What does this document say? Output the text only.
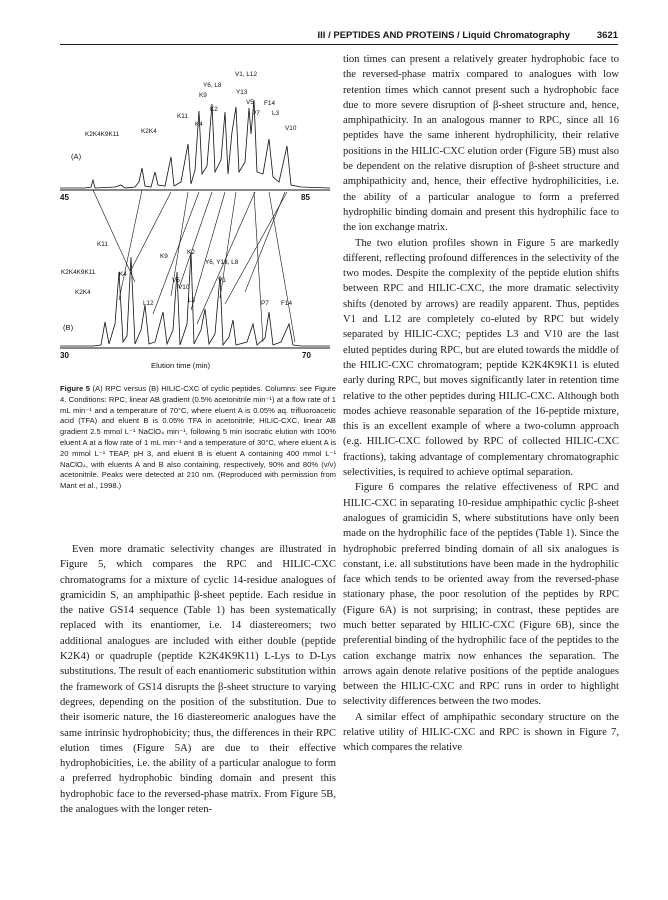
III / PEPTIDES AND PROTEINS / Liquid Chromatography	3621
(A)
45	85
V1, L12
Y6, L8
Y13
K9
V5 F14
K2
K11	P7 L3
K4
V10
K2K4
K2K4K9K11
(B)
30	70
Elution time (min)
K11
K9
K2
Y6, Y13, L8
K2K4K9K11	K4
V5
V10
V1
K2K4
L3
L12	P7 F14
Figure 5 (A) RPC versus (B) HILIC-CXC of cyclic peptides. Columns: see Figure 4. Conditions: RPC, linear AB gradient (0.5% acetonitrile min⁻¹) at a flow rate of 1 mL min⁻¹ and a temperature of 70°C, where eluent A is 0.05% aq. trifluoroacetic acid (TFA) and eluent B is 0.05% TFA in acetonitrile; HILIC-CXC, linear AB gradient 2.5 mmol L⁻¹ NaClO₄ min⁻¹, following 5 min isocratic elution with 100% eluent A at a flow rate of 1 mL min⁻¹ and a temperature of 30°C, where eluent A is 20 mmol L⁻¹ TEAP, pH 3, and eluent B is eluent A containing 400 mmol L⁻¹ NaClO₄, with eluents A and B also containing, respectively, 90% and 80% (v/v) acetonitrile. Peaks were detected at 210 nm. (Reproduced with permission from Mant et al., 1998.)

Even more dramatic selectivity changes are illustrated in Figure 5, which compares the RPC and HILIC-CXC chromatograms for a mixture of cyclic 14-residue analogues of gramicidin S, an amphipathic β-sheet peptide. Each residue in the native GS14 sequence (Table 1) has been systematically replaced with its enantiomer, i.e. 14 diastereomers; two additional analogues are included with either double (peptide K2K4) or quadruple (peptide K2K4K9K11) L-Lys to D-Lys substitutions. The result of each enantiomeric substitution within the framework of GS14 disrupts the β-sheet structure to varying degrees, depending on the position of the substitution. Due to their isomeric nature, the 16 diastereomeric analogues have the same intrinsic hydrophobicity; thus, the differences in their RPC elution times (Figure 5A) are due to their effective hydrophobicities, i.e. the ability of a particular analogue to form a preferred hydrophobic binding domain and present this hydrophobic face to the reversed-phase matrix. From Figure 5B, the analogues with the longer reten-

tion times can present a relatively greater hydrophobic face to the reversed-phase matrix compared to analogues with low retention times which cannot present such a hydrophobic face due to more severe disruption of β-sheet structure and, hence, amphipathicity. In an analogous manner to RPC, since all 16 peptides have the same inherent hydrophilicity, their relative positions in the HILIC-CXC elution order (Figure 5B) must also be dependent on the relative disruption of β-sheet structure and amphipathicity and, hence, their effective hydrophilicities, i.e. the ability of a particular analogue to form a preferred hydrophilic binding domain and present this hydrophilic face to the ion exchange matrix.

The two elution profiles shown in Figure 5 are markedly different, reflecting profound differences in the selectivity of the two modes. Despite the complexity of the peptide elution shifts between RPC and HILIC-CXC, the more dramatic selectivity shifts (denoted by arrows) are readily apparent. Thus, peptides V1 and L12 are completely co-eluted by RPC but widely separated by HILIC-CXC; peptides L3 and V10 are the last eluted peptides during RPC, but are eluted towards the middle of the HILIC-CXC chromatogram; peptide K2K4K9K11 is eluted early during RPC, but moves significantly later in retention time relative to the other peptides during HILIC-CXC. Although both modes achieve reasonable separation of the 16-peptide mixture, this is an excellent example of where a two-column approach (e.g. HILIC-CXC followed by RPC of collected HILIC-CXC fractions), taking advantage of complementary chromatographic selectivities, is required to achieve optimal separation.

Figure 6 compares the relative effectiveness of RPC and HILIC-CXC in separating 10-residue amphipathic cyclic β-sheet analogues of gramicidin S, where substitutions have only been made on the hydrophilic face of the peptides (Table 1). Since the hydrophobic preferred binding domain of all six analogues is constant, i.e. all substitutions have been made in the hydrophilic face which tends to be oriented away from the reversed-phase stationary phase, the poor resolution of the peptides by RPC (Figure 6A) is not surprising; in contrast, these peptides are much better separated by HILIC-CXC (Figure 6B), since the preferential binding of the hydrophilic face of the peptides to the cation exchange matrix now enhances the separation. The arrows again denote relative positions of the peptide analogues between the HILIC-CXC and RPC runs in order to highlight selectivity differences between the two modes.

A similar effect of amphipathic secondary structure on the relative utility of HILIC-CXC and RPC is shown in Figure 7, which compares the relative
